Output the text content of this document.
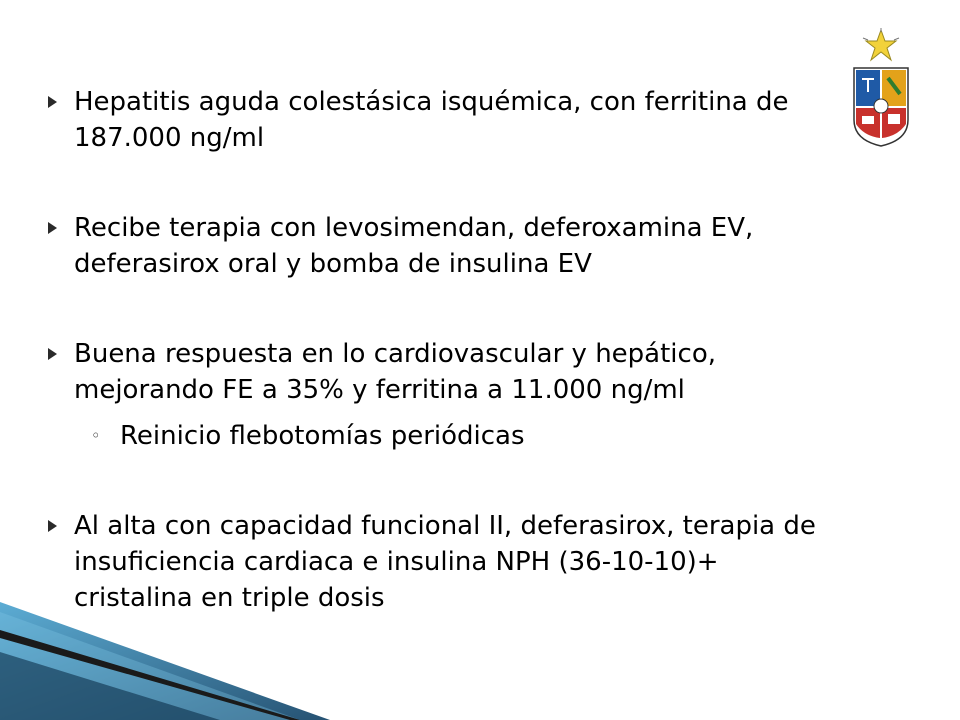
Hepatitis aguda colestásica isquémica, con ferritina de 187.000 ng/ml
Recibe terapia con levosimendan, deferoxamina EV, deferasirox oral y bomba de insulina EV
Buena respuesta en lo cardiovascular y hepático, mejorando FE a 35% y ferritina a 11.000 ng/ml
◦ Reinicio flebotomías periódicas
Al alta con capacidad funcional II, deferasirox, terapia de insuficiencia cardiaca e insulina NPH (36-10-10)+ cristalina en triple dosis
